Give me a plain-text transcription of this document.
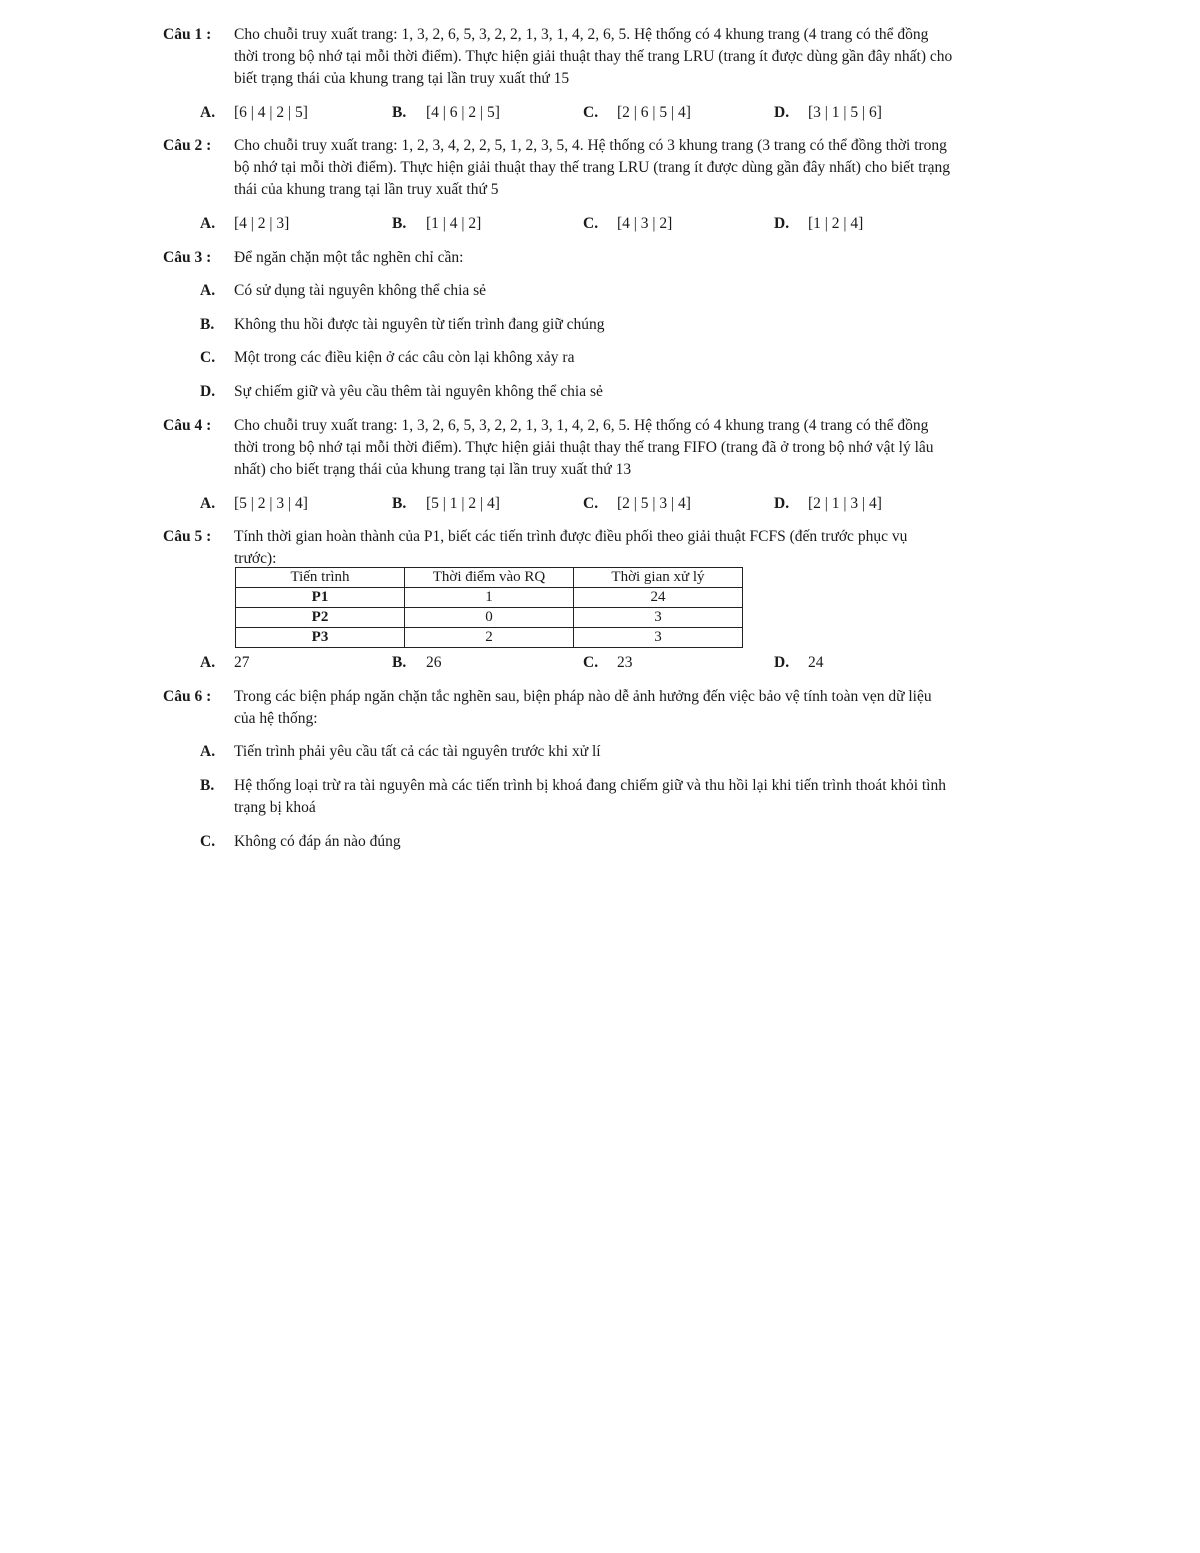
Câu 1 : Cho chuỗi truy xuất trang: 1, 3, 2, 6, 5, 3, 2, 2, 1, 3, 1, 4, 2, 6, 5. Hệ thống có 4 khung trang (4 trang có thể đồng thời trong bộ nhớ tại mỗi thời điểm). Thực hiện giải thuật thay thế trang LRU (trang ít được dùng gần đây nhất) cho biết trạng thái của khung trang tại lần truy xuất thứ 15
A. [6 | 4 | 2 | 5]	B. [4 | 6 | 2 | 5]	C. [2 | 6 | 5 | 4]	D. [3 | 1 | 5 | 6]
Câu 2 : Cho chuỗi truy xuất trang: 1, 2, 3, 4, 2, 2, 5, 1, 2, 3, 5, 4. Hệ thống có 3 khung trang (3 trang có thể đồng thời trong bộ nhớ tại mỗi thời điểm). Thực hiện giải thuật thay thế trang LRU (trang ít được dùng gần đây nhất) cho biết trạng thái của khung trang tại lần truy xuất thứ 5
A. [4 | 2 | 3]	B. [1 | 4 | 2]	C. [4 | 3 | 2]	D. [1 | 2 | 4]
Câu 3 : Để ngăn chặn một tắc nghẽn chỉ cần:
A. Có sử dụng tài nguyên không thể chia sẻ
B. Không thu hồi được tài nguyên từ tiến trình đang giữ chúng
C. Một trong các điều kiện ở các câu còn lại không xảy ra
D. Sự chiếm giữ và yêu cầu thêm tài nguyên không thể chia sẻ
Câu 4 : Cho chuỗi truy xuất trang: 1, 3, 2, 6, 5, 3, 2, 2, 1, 3, 1, 4, 2, 6, 5. Hệ thống có 4 khung trang (4 trang có thể đồng thời trong bộ nhớ tại mỗi thời điểm). Thực hiện giải thuật thay thế trang FIFO (trang đã ở trong bộ nhớ vật lý lâu nhất) cho biết trạng thái của khung trang tại lần truy xuất thứ 13
A. [5 | 2 | 3 | 4]	B. [5 | 1 | 2 | 4]	C. [2 | 5 | 3 | 4]	D. [2 | 1 | 3 | 4]
Câu 5 : Tính thời gian hoàn thành của P1, biết các tiến trình được điều phối theo giải thuật FCFS (đến trước phục vụ trước):
Tiến trình	Thời điểm vào RQ	Thời gian xử lý
P1	1	24
P2	0	3
P3	2	3
A. 27	B. 26	C. 23	D. 24
Câu 6 : Trong các biện pháp ngăn chặn tắc nghẽn sau, biện pháp nào dễ ảnh hưởng đến việc bảo vệ tính toàn vẹn dữ liệu của hệ thống:
A. Tiến trình phải yêu cầu tất cả các tài nguyên trước khi xử lí
B. Hệ thống loại trừ ra tài nguyên mà các tiến trình bị khoá đang chiếm giữ và thu hồi lại khi tiến trình thoát khỏi tình trạng bị khoá
C. Không có đáp án nào đúng
